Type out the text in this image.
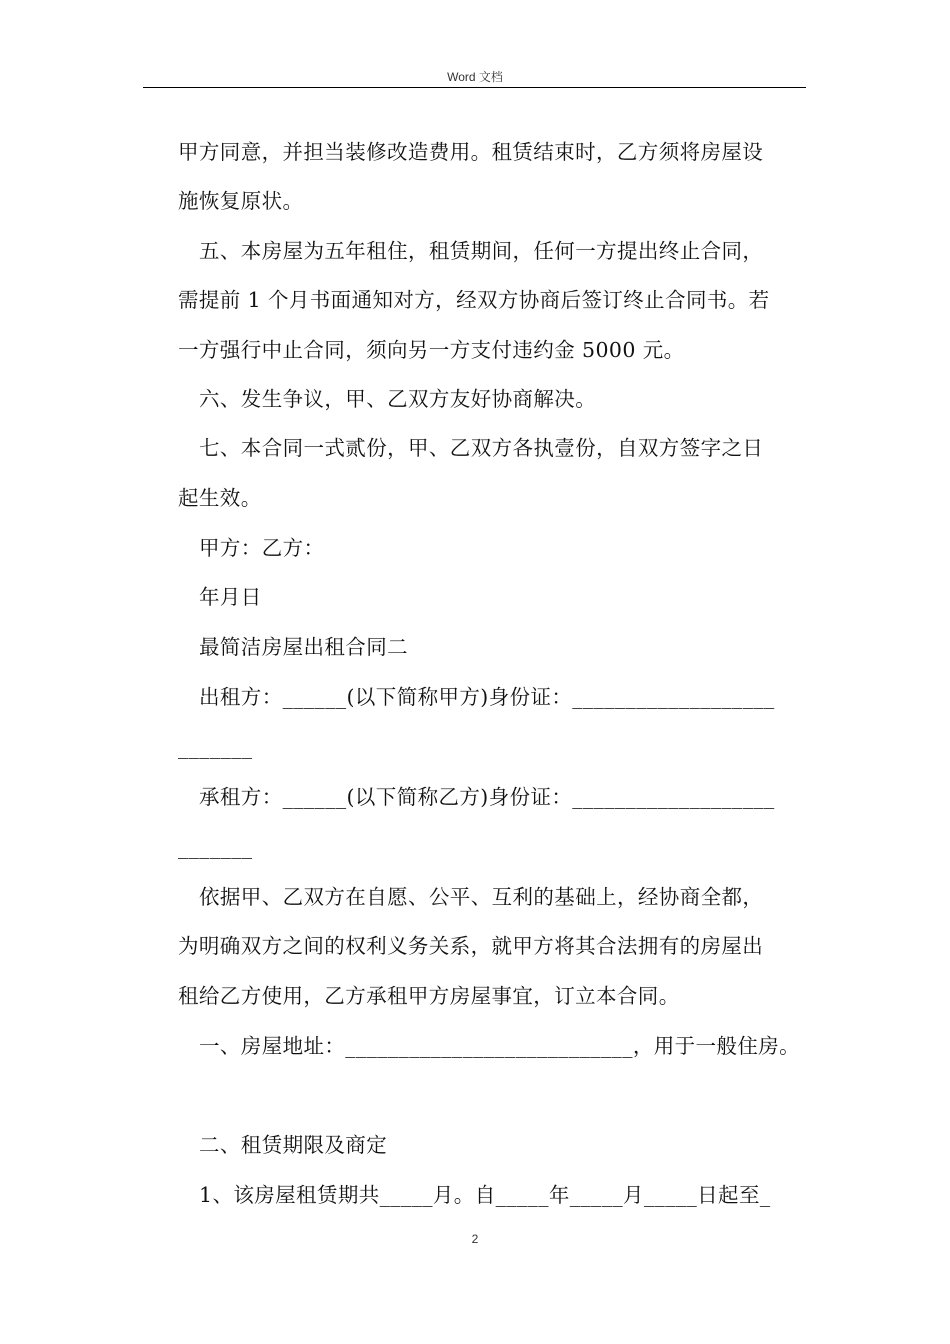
Word 文档
甲方同意，并担当装修改造费用。租赁结束时，乙方须将房屋设
施恢复原状。
五、本房屋为五年租住，租赁期间，任何一方提出终止合同，
需提前 1 个月书面通知对方，经双方协商后签订终止合同书。若
一方强行中止合同，须向另一方支付违约金 5000 元。
六、发生争议，甲、乙双方友好协商解决。
七、本合同一式贰份，甲、乙双方各执壹份，自双方签字之日
起生效。
甲方：乙方：
年月日
最简洁房屋出租合同二
出租方：______(以下简称甲方)身份证：___________________
_______
承租方：______(以下简称乙方)身份证：___________________
_______
依据甲、乙双方在自愿、公平、互利的基础上，经协商全都，
为明确双方之间的权利义务关系，就甲方将其合法拥有的房屋出
租给乙方使用，乙方承租甲方房屋事宜，订立本合同。
一、房屋地址：___________________________，用于一般住房。
二、租赁期限及商定
1、该房屋租赁期共_____月。自_____年_____月_____日起至_
2
